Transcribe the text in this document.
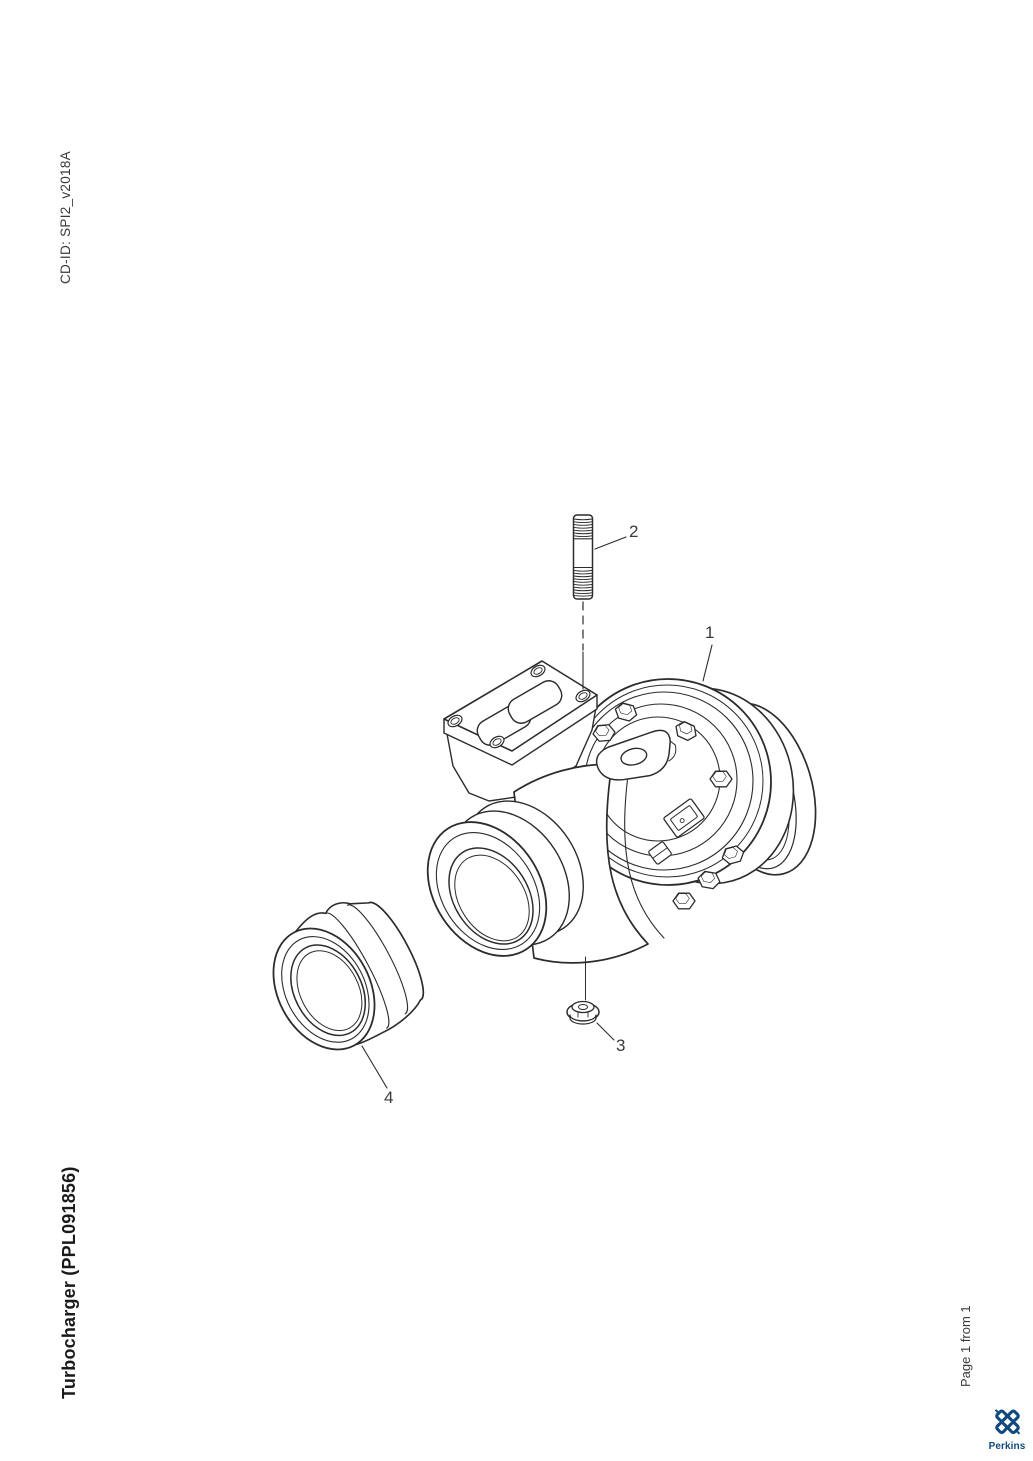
CD-ID: SPI2_v2018A
Turbocharger (PPL091856)	Page 1 from 1
1
2
3
4
Perkins
